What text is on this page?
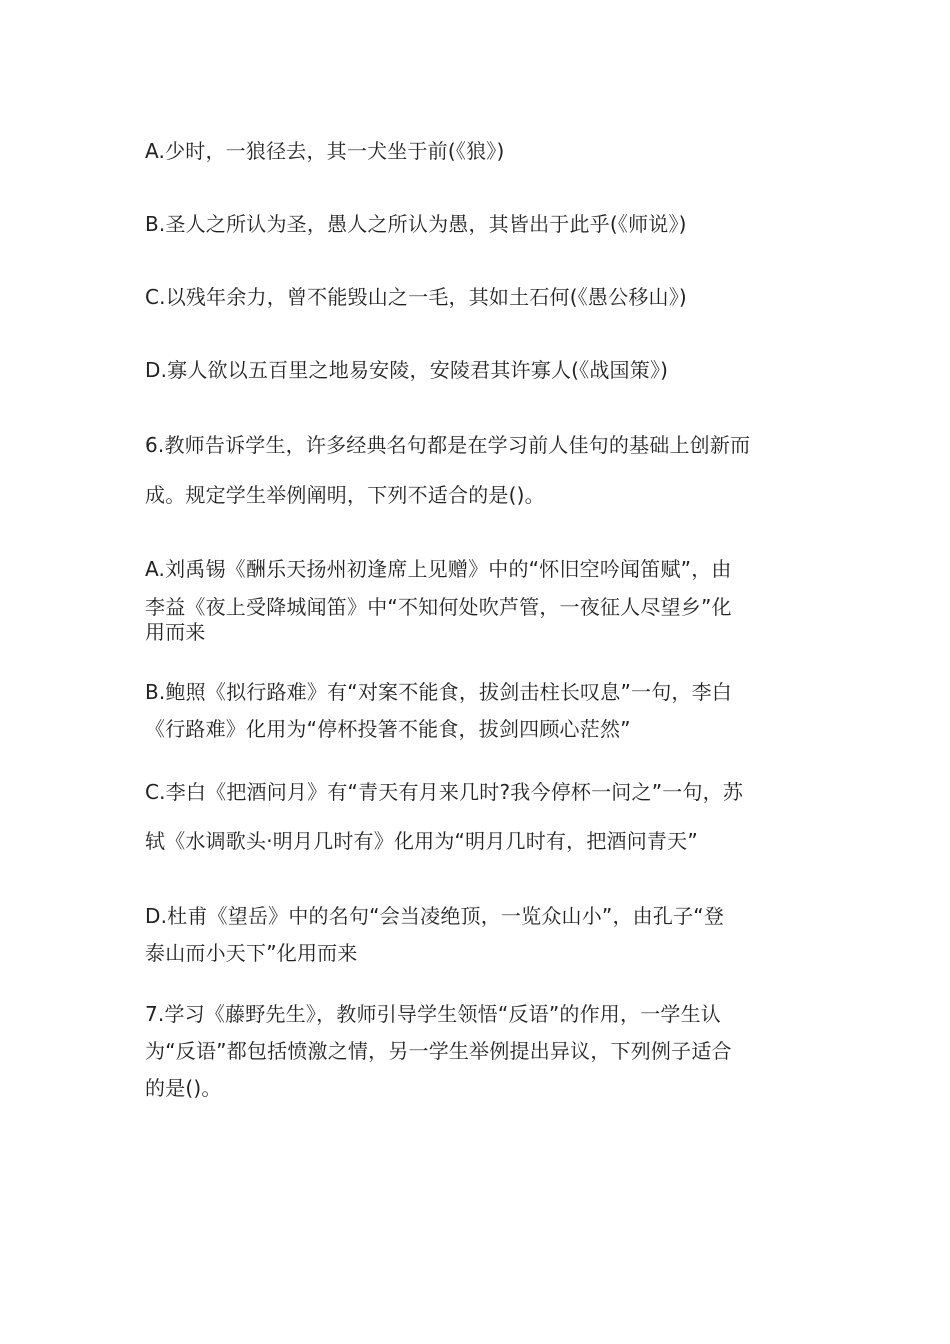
A.少时，一狼径去，其一犬坐于前(《狼》)
B.圣人之所认为圣，愚人之所认为愚，其皆出于此乎(《师说》)
C.以残年余力，曾不能毁山之一毛，其如土石何(《愚公移山》)
D.寡人欲以五百里之地易安陵，安陵君其许寡人(《战国策》)
6.教师告诉学生，许多经典名句都是在学习前人佳句的基础上创新而
成。规定学生举例阐明，下列不适合的是()。
A.刘禹锡《酬乐天扬州初逢席上见赠》中的“怀旧空吟闻笛赋”，由
李益《夜上受降城闻笛》中“不知何处吹芦管，一夜征人尽望乡”化
用而来
B.鲍照《拟行路难》有“对案不能食，拔剑击柱长叹息”一句，李白
《行路难》化用为“停杯投箸不能食，拔剑四顾心茫然”
C.李白《把酒问月》有“青天有月来几时?我今停杯一问之”一句，苏
轼《水调歌头·明月几时有》化用为“明月几时有，把酒问青天”
D.杜甫《望岳》中的名句“会当凌绝顶，一览众山小”，由孔子“登
泰山而小天下”化用而来
7.学习《藤野先生》，教师引导学生领悟“反语”的作用，一学生认
为“反语”都包括愤激之情，另一学生举例提出异议，下列例子适合
的是()。
